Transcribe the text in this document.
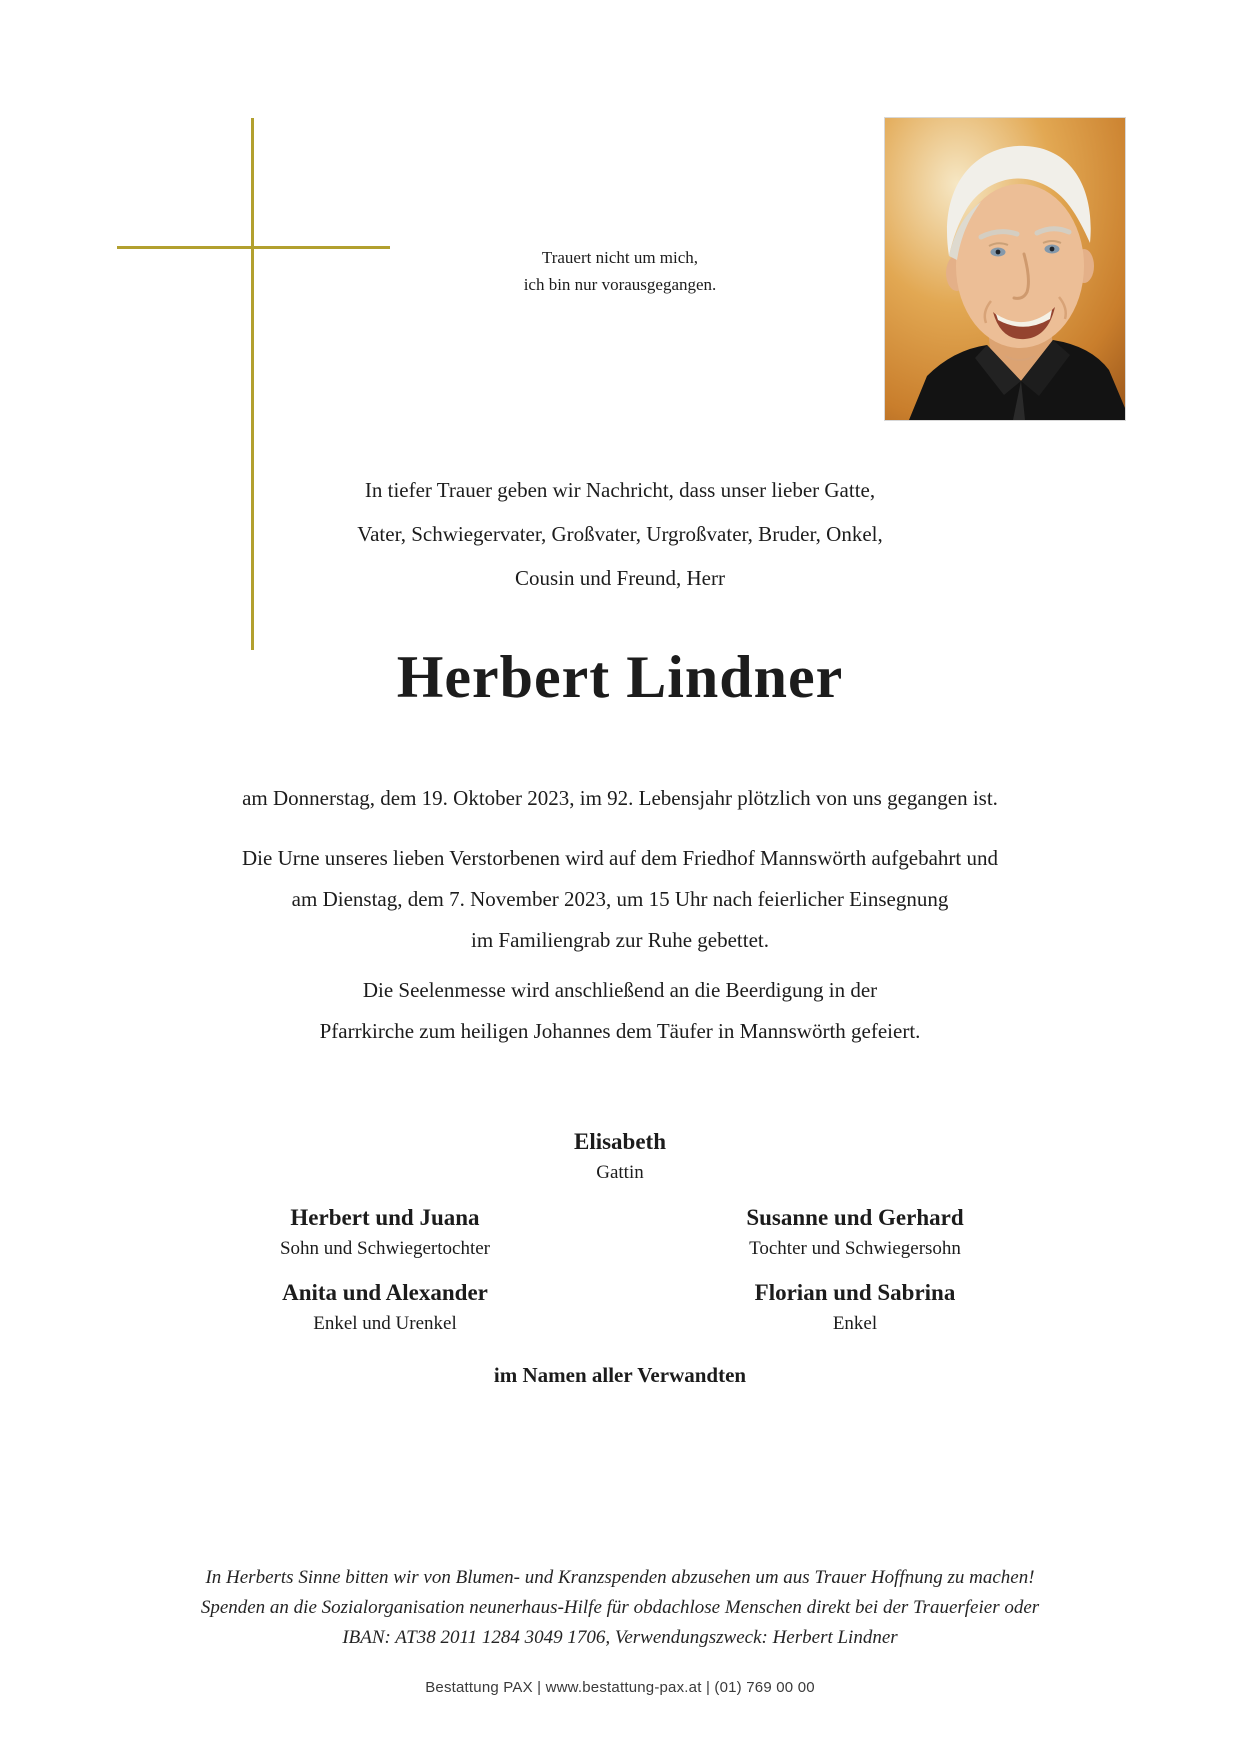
Trauert nicht um mich,
ich bin nur vorausgegangen.
In tiefer Trauer geben wir Nachricht, dass unser lieber Gatte,
Vater, Schwiegervater, Großvater, Urgroßvater, Bruder, Onkel,
Cousin und Freund, Herr
Herbert Lindner
am Donnerstag, dem 19. Oktober 2023, im 92. Lebensjahr plötzlich von uns gegangen ist.
Die Urne unseres lieben Verstorbenen wird auf dem Friedhof Mannswörth aufgebahrt und
am Dienstag, dem 7. November 2023, um 15 Uhr nach feierlicher Einsegnung
im Familiengrab zur Ruhe gebettet.
Die Seelenmesse wird anschließend an die Beerdigung in der
Pfarrkirche zum heiligen Johannes dem Täufer in Mannswörth gefeiert.
Elisabeth
Gattin
Herbert und Juana
Sohn und Schwiegertochter
Susanne und Gerhard
Tochter und Schwiegersohn
Anita und Alexander
Enkel und Urenkel
Florian und Sabrina
Enkel
im Namen aller Verwandten
In Herberts Sinne bitten wir von Blumen- und Kranzspenden abzusehen um aus Trauer Hoffnung zu machen!
Spenden an die Sozialorganisation neunerhaus-Hilfe für obdachlose Menschen direkt bei der Trauerfeier oder
IBAN: AT38 2011 1284 3049 1706, Verwendungszweck: Herbert Lindner
Bestattung PAX | www.bestattung-pax.at | (01) 769 00 00
